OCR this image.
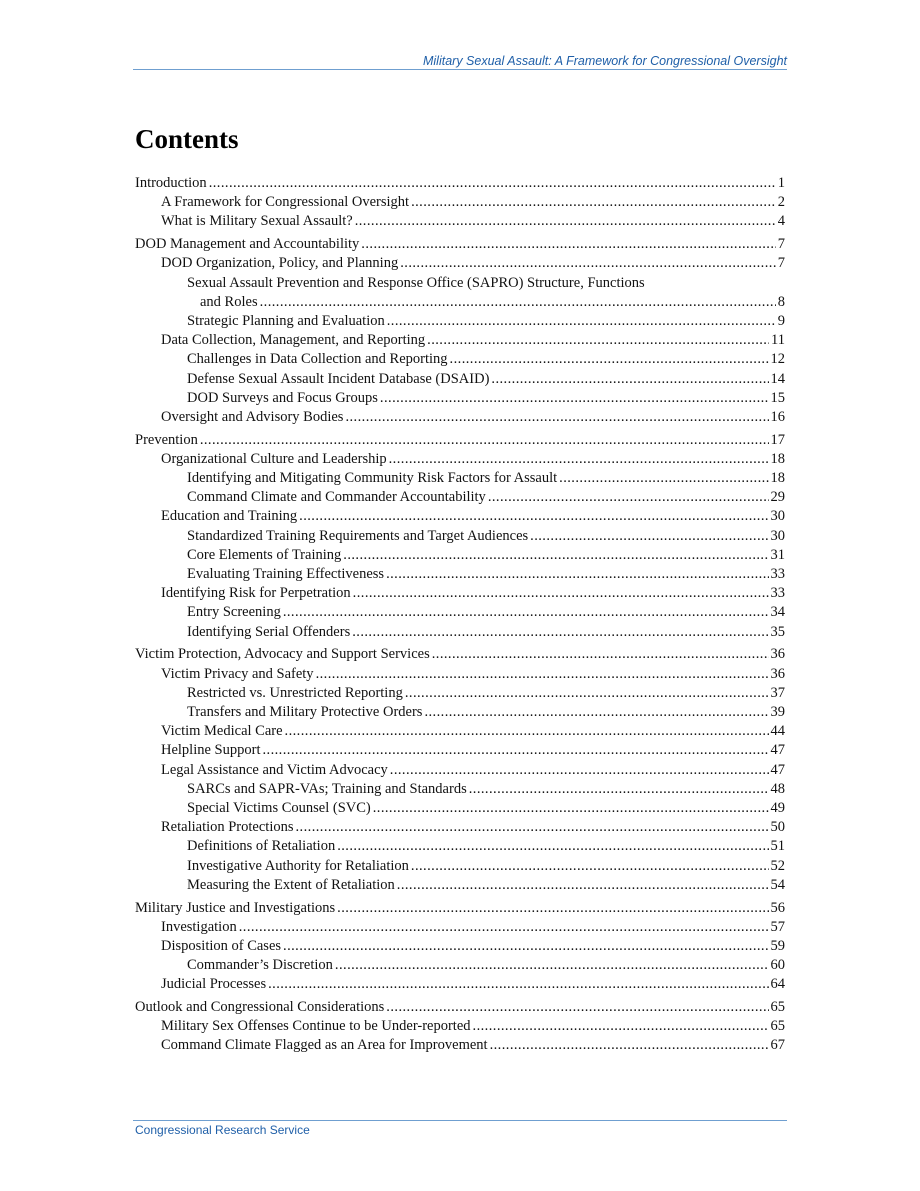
Military Sexual Assault: A Framework for Congressional Oversight
Contents
Introduction . . .	1
A Framework for Congressional Oversight . . .	2
What is Military Sexual Assault? . . .	4
DOD Management and Accountability . . .	7
DOD Organization, Policy, and Planning . . .	7
Sexual Assault Prevention and Response Office (SAPRO) Structure, Functions
and Roles . . .	8
Strategic Planning and Evaluation . . .	9
Data Collection, Management, and Reporting . . .	11
Challenges in Data Collection and Reporting . . .	12
Defense Sexual Assault Incident Database (DSAID) . . .	14
DOD Surveys and Focus Groups . . .	15
Oversight and Advisory Bodies . . .	16
Prevention . . .	17
Organizational Culture and Leadership . . .	18
Identifying and Mitigating Community Risk Factors for Assault . . .	18
Command Climate and Commander Accountability . . .	29
Education and Training . . .	30
Standardized Training Requirements and Target Audiences . . .	30
Core Elements of Training . . .	31
Evaluating Training Effectiveness . . .	33
Identifying Risk for Perpetration . . .	33
Entry Screening . . .	34
Identifying Serial Offenders . . .	35
Victim Protection, Advocacy and Support Services . . .	36
Victim Privacy and Safety . . .	36
Restricted vs. Unrestricted Reporting . . .	37
Transfers and Military Protective Orders . . .	39
Victim Medical Care . . .	44
Helpline Support . . .	47
Legal Assistance and Victim Advocacy . . .	47
SARCs and SAPR-VAs; Training and Standards . . .	48
Special Victims Counsel (SVC) . . .	49
Retaliation Protections . . .	50
Definitions of Retaliation . . .	51
Investigative Authority for Retaliation . . .	52
Measuring the Extent of Retaliation . . .	54
Military Justice and Investigations . . .	56
Investigation . . .	57
Disposition of Cases . . .	59
Commander’s Discretion . . .	60
Judicial Processes . . .	64
Outlook and Congressional Considerations . . .	65
Military Sex Offenses Continue to be Under-reported . . .	65
Command Climate Flagged as an Area for Improvement . . .	67
Congressional Research Service
